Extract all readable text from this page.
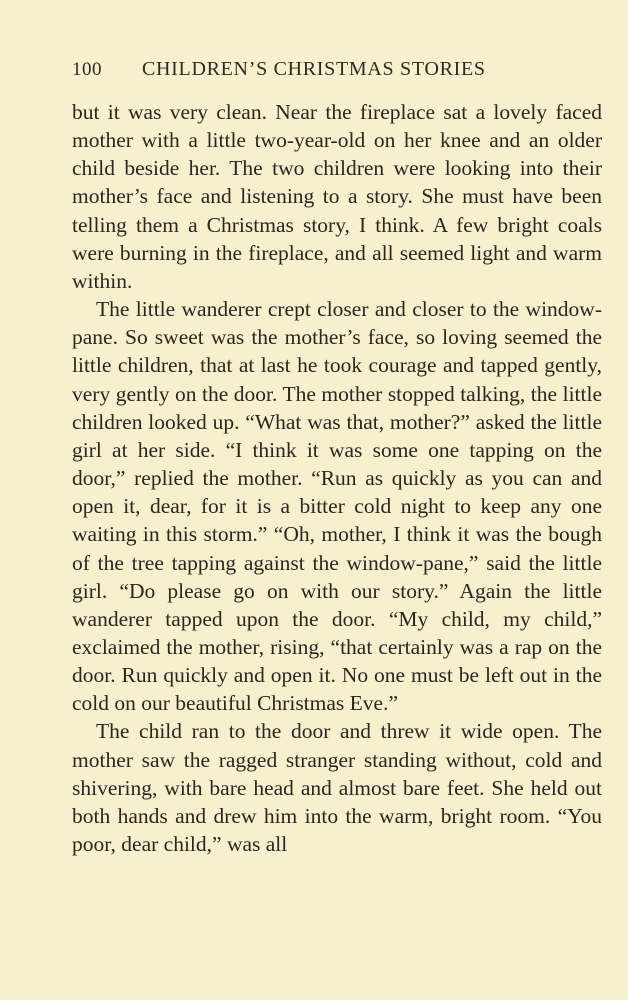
100	CHILDREN’S CHRISTMAS STORIES

but it was very clean. Near the fireplace sat a lovely faced mother with a little two-year-old on her knee and an older child beside her. The two children were looking into their mother’s face and listening to a story. She must have been telling them a Christmas story, I think. A few bright coals were burning in the fireplace, and all seemed light and warm within.

The little wanderer crept closer and closer to the window-pane. So sweet was the mother’s face, so loving seemed the little children, that at last he took courage and tapped gently, very gently on the door. The mother stopped talking, the little children looked up. “What was that, mother?” asked the little girl at her side. “I think it was some one tapping on the door,” replied the mother. “Run as quickly as you can and open it, dear, for it is a bitter cold night to keep any one waiting in this storm.” “Oh, mother, I think it was the bough of the tree tapping against the window-pane,” said the little girl. “Do please go on with our story.” Again the little wanderer tapped upon the door. “My child, my child,” exclaimed the mother, rising, “that certainly was a rap on the door. Run quickly and open it. No one must be left out in the cold on our beautiful Christmas Eve.”

The child ran to the door and threw it wide open. The mother saw the ragged stranger standing without, cold and shivering, with bare head and almost bare feet. She held out both hands and drew him into the warm, bright room. “You poor, dear child,” was all
